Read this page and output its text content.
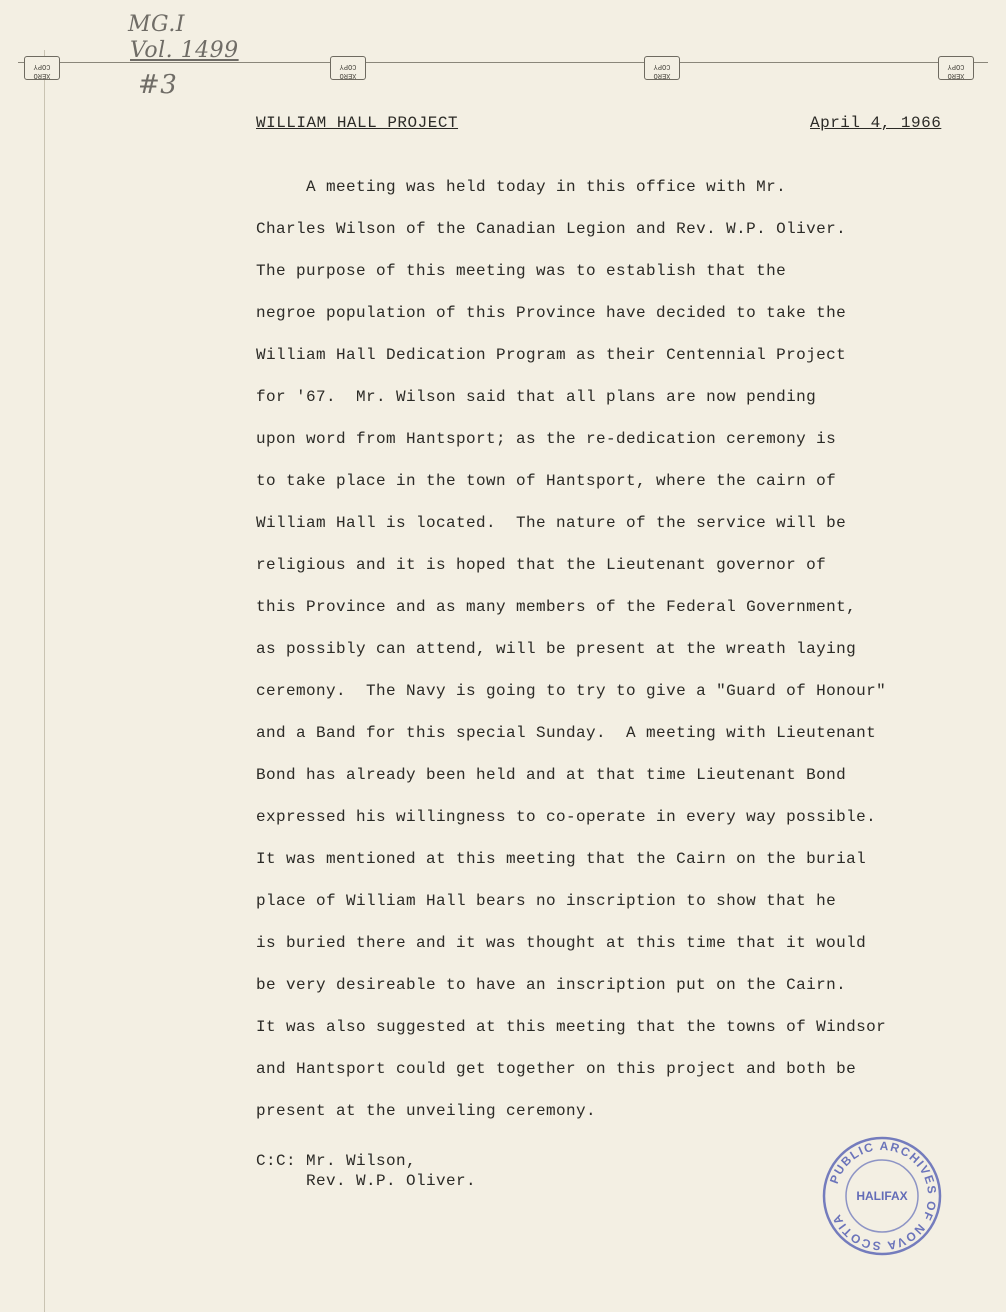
MG.I
Vol. 1499
#3
XERO
COPY
XERO
COPY
XERO
COPY
XERO
COPY
WILLIAM HALL PROJECT	April 4, 1966
A meeting was held today in this office with Mr.
Charles Wilson of the Canadian Legion and Rev. W.P. Oliver.
The purpose of this meeting was to establish that the
negroe population of this Province have decided to take the
William Hall Dedication Program as their Centennial Project
for '67.  Mr. Wilson said that all plans are now pending
upon word from Hantsport; as the re-dedication ceremony is
to take place in the town of Hantsport, where the cairn of
William Hall is located.  The nature of the service will be
religious and it is hoped that the Lieutenant governor of
this Province and as many members of the Federal Government,
as possibly can attend, will be present at the wreath laying
ceremony.  The Navy is going to try to give a "Guard of Honour"
and a Band for this special Sunday.  A meeting with Lieutenant
Bond has already been held and at that time Lieutenant Bond
expressed his willingness to co-operate in every way possible.
It was mentioned at this meeting that the Cairn on the burial
place of William Hall bears no inscription to show that he
is buried there and it was thought at this time that it would
be very desireable to have an inscription put on the Cairn.
It was also suggested at this meeting that the towns of Windsor
and Hantsport could get together on this project and both be
present at the unveiling ceremony.
C:C: Mr. Wilson,
Rev. W.P. Oliver.	PUBLIC ARCHIVES OF NOVA SCOTIA
HALIFAX
